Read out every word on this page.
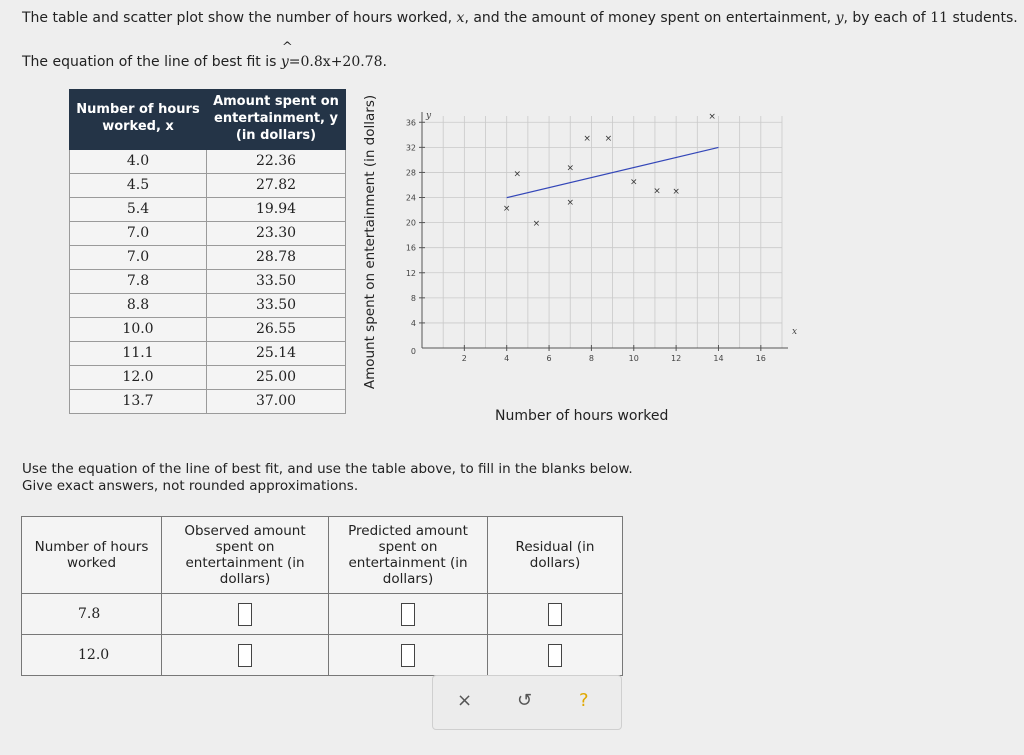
The table and scatter plot show the number of hours worked, x, and the amount of money spent on entertainment, y, by each of 11 students.
The equation of the line of best fit is ^ y=0.8x+20.78.
Number of hours worked, x	Amount spent on entertainment, y (in dollars)
4.0	22.36
4.5	27.82
5.4	19.94
7.0	23.30
7.0	28.78
7.8	33.50
8.8	33.50
10.0	26.55
11.1	25.14
12.0	25.00
13.7	37.00
2	4	6	8	10	12	14	16
4
8
12
16
20
24
28
32
36
0
x
y
Amount spent on entertainment (in dollars)	×
×
×
×
×
× ×
×
× ×
×
Number of hours worked
Use the equation of the line of best fit, and use the table above, to fill in the blanks below.
Give exact answers, not rounded approximations.
Number of hours worked	Observed amount spent on entertainment (in dollars)	Predicted amount spent on entertainment (in dollars)	Residual (in dollars)
7.8			
12.0			
× ↺	?
